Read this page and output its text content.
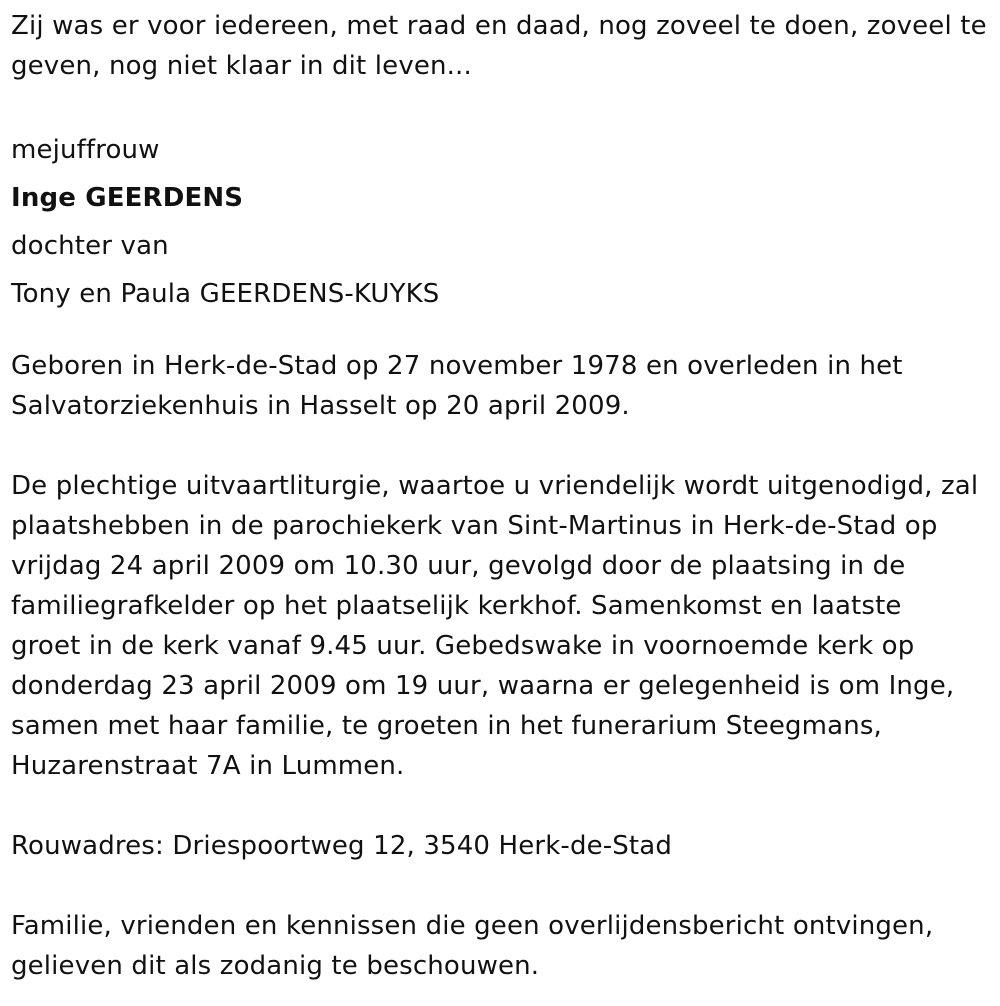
Zij was er voor iedereen, met raad en daad, nog zoveel te doen, zoveel te
geven, nog niet klaar in dit leven...

mejuffrouw

Inge GEERDENS

dochter van

Tony en Paula GEERDENS-KUYKS

Geboren in Herk-de-Stad op 27 november 1978 en overleden in het
Salvatorziekenhuis in Hasselt op 20 april 2009.

De plechtige uitvaartliturgie, waartoe u vriendelijk wordt uitgenodigd, zal
plaatshebben in de parochiekerk van Sint-Martinus in Herk-de-Stad op
vrijdag 24 april 2009 om 10.30 uur, gevolgd door de plaatsing in de
familiegrafkelder op het plaatselijk kerkhof. Samenkomst en laatste
groet in de kerk vanaf 9.45 uur. Gebedswake in voornoemde kerk op
donderdag 23 april 2009 om 19 uur, waarna er gelegenheid is om Inge,
samen met haar familie, te groeten in het funerarium Steegmans,
Huzarenstraat 7A in Lummen.

Rouwadres: Driespoortweg 12, 3540 Herk-de-Stad

Familie, vrienden en kennissen die geen overlijdensbericht ontvingen,
gelieven dit als zodanig te beschouwen.
